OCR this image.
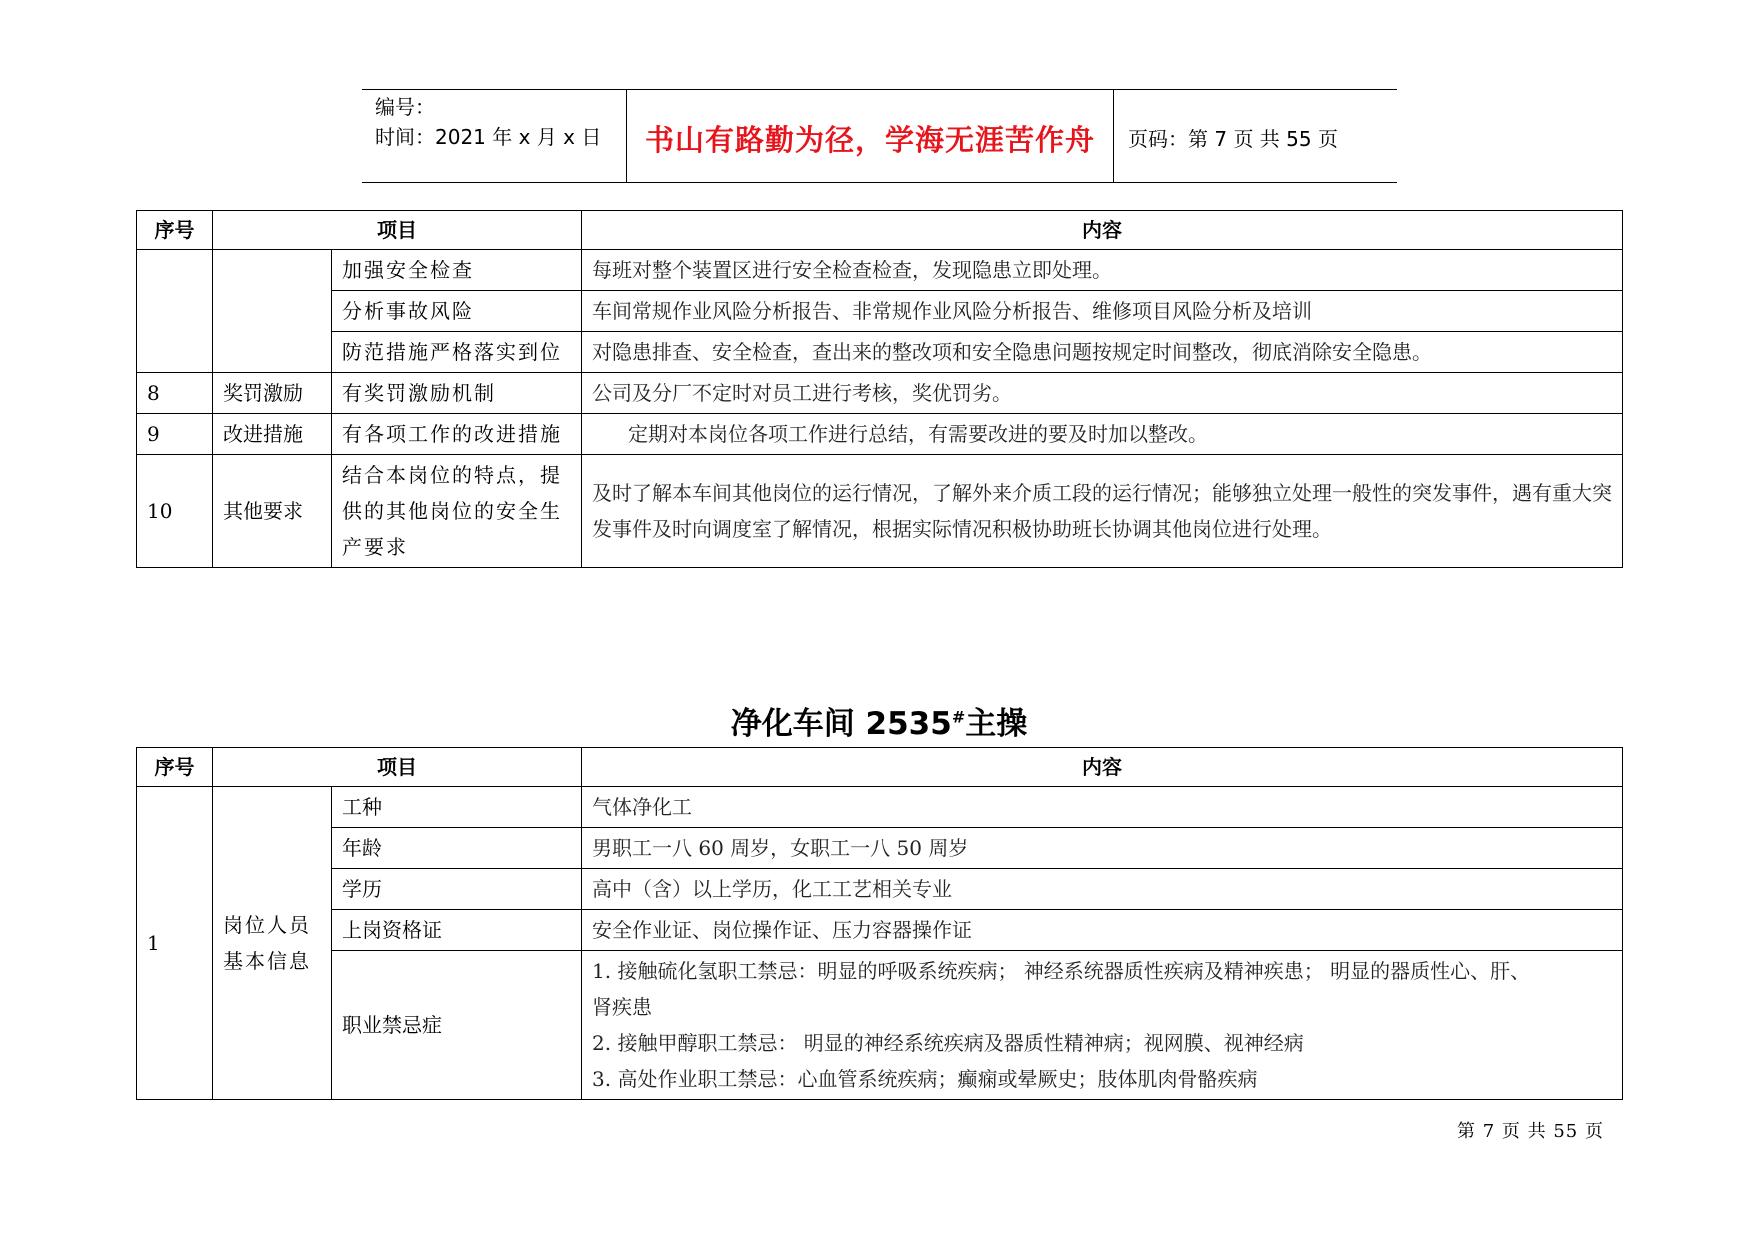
编号：
时间：2021 年 x 月 x 日	书山有路勤为径，学海无涯苦作舟	页码：第 7 页 共 55 页
序号	项目		内容
		加强安全检查	每班对整个装置区进行安全检查检查，发现隐患立即处理。
		分析事故风险	车间常规作业风险分析报告、非常规作业风险分析报告、维修项目风险分析及培训
		防范措施严格落实到位	对隐患排查、安全检查，查出来的整改项和安全隐患问题按规定时间整改，彻底消除安全隐患。
8	奖罚激励	有奖罚激励机制	公司及分厂不定时对员工进行考核，奖优罚劣。
9	改进措施	有各项工作的改进措施	定期对本岗位各项工作进行总结，有需要改进的要及时加以整改。
10	其他要求	结合本岗位的特点，提供的其他岗位的安全生产要求	及时了解本车间其他岗位的运行情况，了解外来介质工段的运行情况；能够独立处理一般性的突发事件，遇有重大突发事件及时向调度室了解情况，根据实际情况积极协助班长协调其他岗位进行处理。
净化车间 2535#主操
序号	项目		内容
1	岗位人员基本信息	工种	气体净化工
		年龄	男职工一八 60 周岁，女职工一八 50 周岁
		学历	高中（含）以上学历，化工工艺相关专业
		上岗资格证	安全作业证、岗位操作证、压力容器操作证
		职业禁忌症	1. 接触硫化氢职工禁忌：明显的呼吸系统疾病； 神经系统器质性疾病及精神疾患； 明显的器质性心、肝、
肾疾患
2. 接触甲醇职工禁忌： 明显的神经系统疾病及器质性精神病；视网膜、视神经病
3. 高处作业职工禁忌：心血管系统疾病；癫痫或晕厥史；肢体肌肉骨骼疾病
第 7 页 共 55 页
